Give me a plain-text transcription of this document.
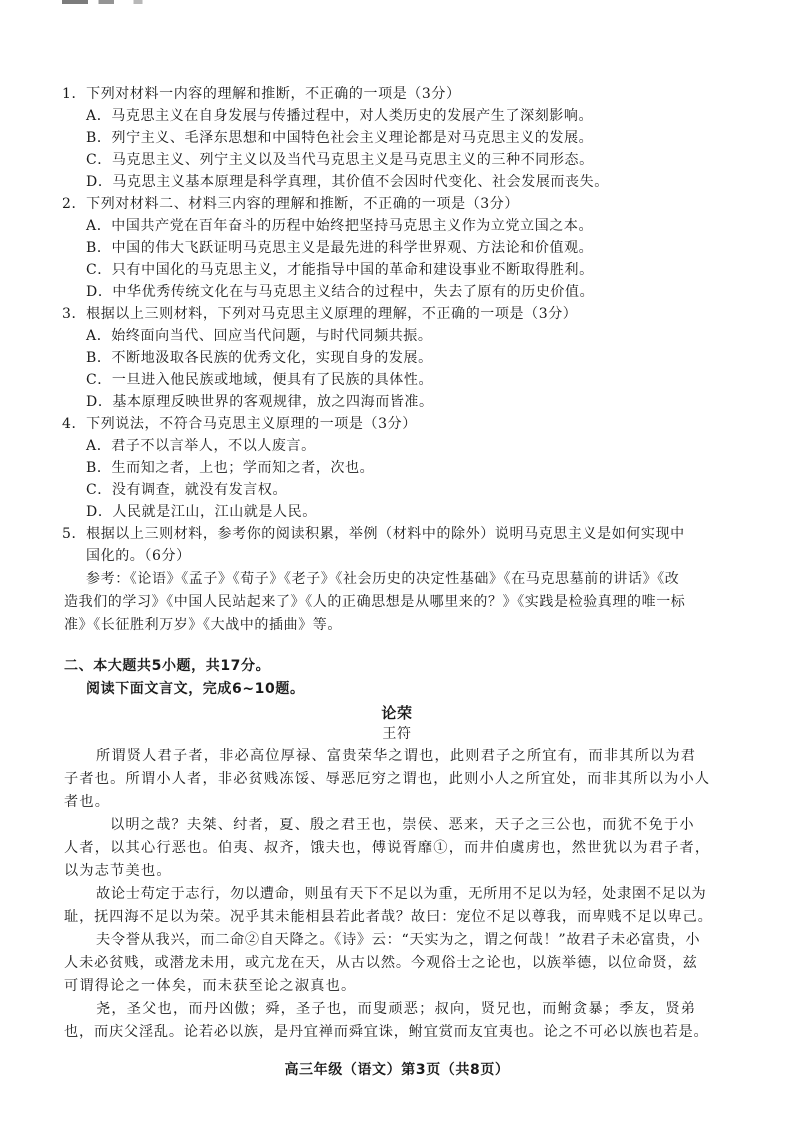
1．下列对材料一内容的理解和推断，不正确的一项是（3分）
A．马克思主义在自身发展与传播过程中，对人类历史的发展产生了深刻影响。
B．列宁主义、毛泽东思想和中国特色社会主义理论都是对马克思主义的发展。
C．马克思主义、列宁主义以及当代马克思主义是马克思主义的三种不同形态。
D．马克思主义基本原理是科学真理，其价值不会因时代变化、社会发展而丧失。
2．下列对材料二、材料三内容的理解和推断，不正确的一项是（3分）
A．中国共产党在百年奋斗的历程中始终把坚持马克思主义作为立党立国之本。
B．中国的伟大飞跃证明马克思主义是最先进的科学世界观、方法论和价值观。
C．只有中国化的马克思主义，才能指导中国的革命和建设事业不断取得胜利。
D．中华优秀传统文化在与马克思主义结合的过程中，失去了原有的历史价值。
3．根据以上三则材料，下列对马克思主义原理的理解，不正确的一项是（3分）
A．始终面向当代、回应当代问题，与时代同频共振。
B．不断地汲取各民族的优秀文化，实现自身的发展。
C．一旦进入他民族或地域，便具有了民族的具体性。
D．基本原理反映世界的客观规律，放之四海而皆准。
4．下列说法，不符合马克思主义原理的一项是（3分）
A．君子不以言举人，不以人废言。
B．生而知之者，上也；学而知之者，次也。
C．没有调查，就没有发言权。
D．人民就是江山，江山就是人民。
5．根据以上三则材料，参考你的阅读积累，举例（材料中的除外）说明马克思主义是如何实现中
国化的。（6分）
参考：《论语》《孟子》《荀子》《老子》《社会历史的决定性基础》《在马克思墓前的讲话》《改
造我们的学习》《中国人民站起来了》《人的正确思想是从哪里来的？》《实践是检验真理的唯一标
准》《长征胜利万岁》《大战中的插曲》等。
二、本大题共5小题，共17分。
阅读下面文言文，完成6~10题。
论荣
王符
所谓贤人君子者，非必高位厚禄、富贵荣华之谓也，此则君子之所宜有，而非其所以为君
子者也。所谓小人者，非必贫贱冻馁、辱恶厄穷之谓也，此则小人之所宜处，而非其所以为小人
者也。
以明之哉？夫桀、纣者，夏、殷之君王也，崇侯、恶来，天子之三公也，而犹不免于小
人者，以其心行恶也。伯夷、叔齐，饿夫也，傅说胥靡①，而井伯虞虏也，然世犹以为君子者，
以为志节美也。
故论士苟定于志行，勿以遭命，则虽有天下不足以为重，无所用不足以为轻，处隶圉不足以为
耻，抚四海不足以为荣。况乎其未能相县若此者哉？故曰：宠位不足以尊我，而卑贱不足以卑己。
夫令誉从我兴，而二命②自天降之。《诗》云：“天实为之，谓之何哉！”故君子未必富贵，小
人未必贫贱，或潜龙未用，或亢龙在天，从古以然。今观俗士之论也，以族举德，以位命贤，兹
可谓得论之一体矣，而未获至论之淑真也。
尧，圣父也，而丹凶傲；舜，圣子也，而叟顽恶；叔向，贤兄也，而鲋贪暴；季友，贤弟
也，而庆父淫乱。论若必以族，是丹宜禅而舜宜诛，鲋宜赏而友宜夷也。论之不可必以族也若是。
高三年级（语文）第3页（共8页）
